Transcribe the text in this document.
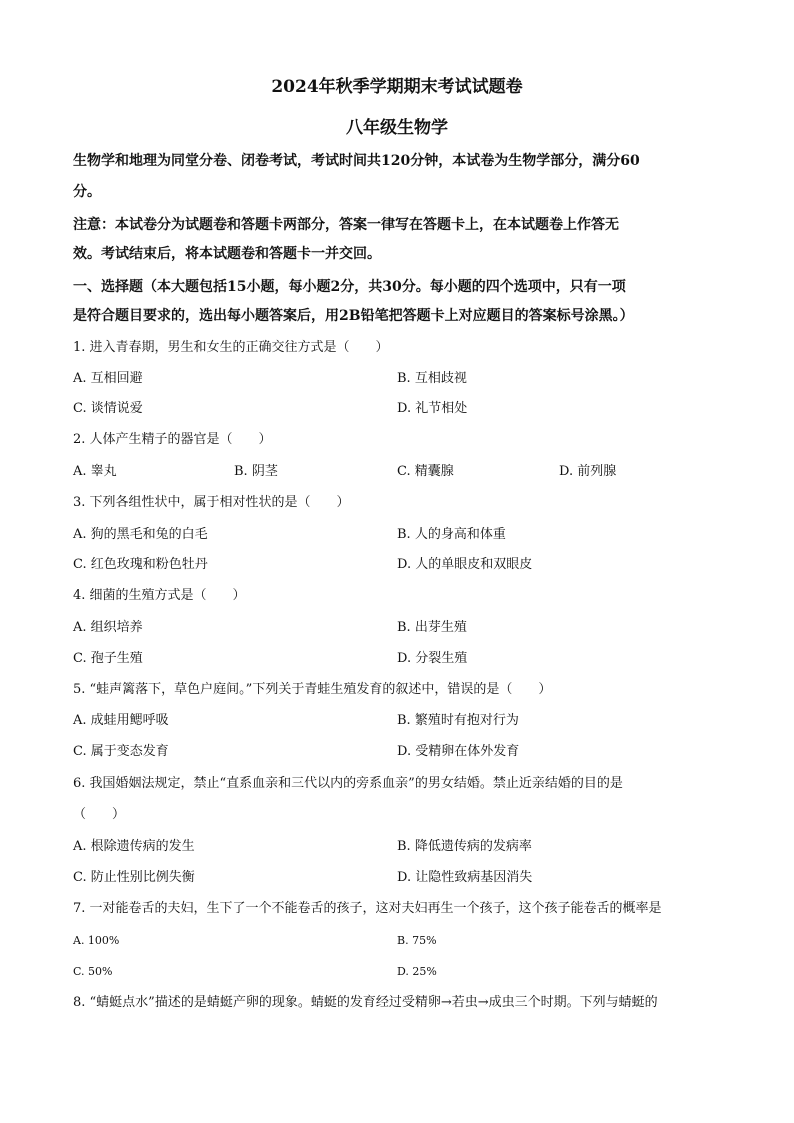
2024年秋季学期期末考试试题卷
八年级生物学
生物学和地理为同堂分卷、闭卷考试，考试时间共120分钟，本试卷为生物学部分，满分60
分。
注意：本试卷分为试题卷和答题卡两部分，答案一律写在答题卡上，在本试题卷上作答无
效。考试结束后，将本试题卷和答题卡一并交回。
一、选择题（本大题包括15小题，每小题2分，共30分。每小题的四个选项中，只有一项
是符合题目要求的，选出每小题答案后，用2B铅笔把答题卡上对应题目的答案标号涂黑。）
1. 进入青春期，男生和女生的正确交往方式是（　　）
A. 互相回避	B. 互相歧视
C. 谈情说爱	D. 礼节相处
2. 人体产生精子的器官是（　　）
A. 睾丸	B. 阴茎	C. 精囊腺	D. 前列腺
3. 下列各组性状中，属于相对性状的是（　　）
A. 狗的黑毛和兔的白毛	B. 人的身高和体重
C. 红色玫瑰和粉色牡丹	D. 人的单眼皮和双眼皮
4. 细菌的生殖方式是（　　）
A. 组织培养	B. 出芽生殖
C. 孢子生殖	D. 分裂生殖
5. “蛙声篱落下，草色户庭间。”下列关于青蛙生殖发育的叙述中，错误的是（　　）
A. 成蛙用鳃呼吸	B. 繁殖时有抱对行为
C. 属于变态发育	D. 受精卵在体外发育
6. 我国婚姻法规定，禁止“直系血亲和三代以内的旁系血亲”的男女结婚。禁止近亲结婚的目的是
（　　）
A. 根除遗传病的发生	B. 降低遗传病的发病率
C. 防止性别比例失衡	D. 让隐性致病基因消失
7. 一对能卷舌的夫妇，生下了一个不能卷舌的孩子，这对夫妇再生一个孩子，这个孩子能卷舌的概率是
A. 100%	B. 75%
C. 50%	D. 25%
8. “蜻蜓点水”描述的是蜻蜓产卵的现象。蜻蜓的发育经过受精卵→若虫→成虫三个时期。下列与蜻蜓的
